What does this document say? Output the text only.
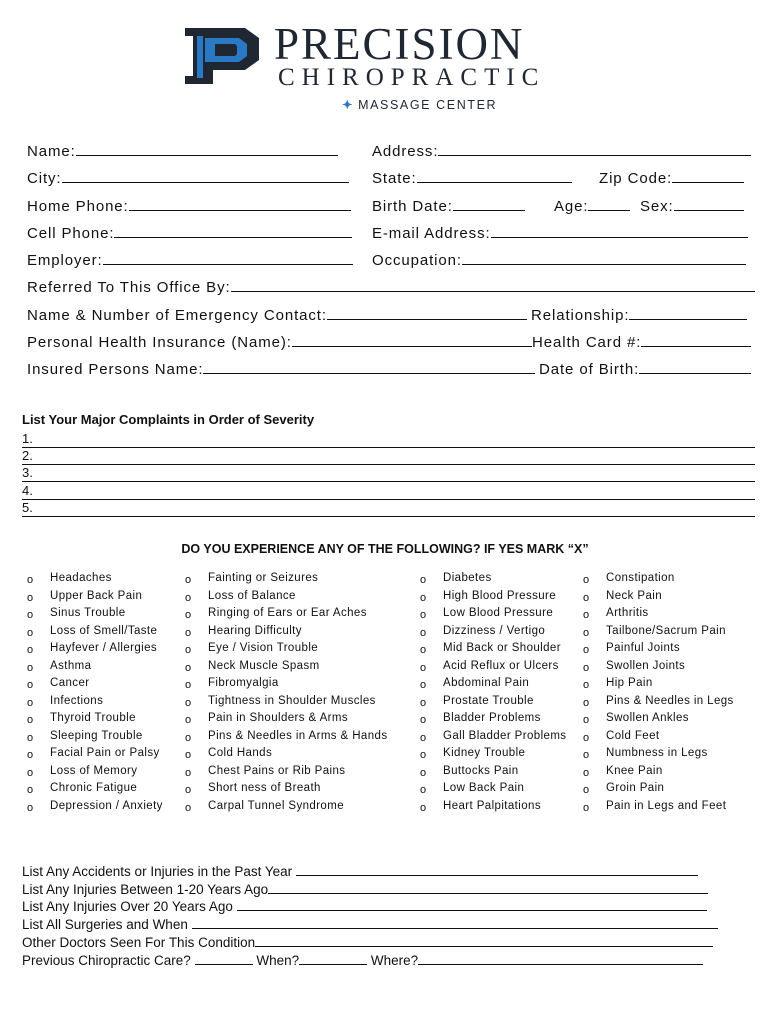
PRECISION
CHIROPRACTIC
✦ MASSAGE CENTER
Name:	Address:
City:	State:	Zip Code:
Home Phone:	Birth Date:	Age:	Sex:
Cell Phone:	E-mail Address:
Employer:	Occupation:
Referred To This Office By:
Name & Number of Emergency Contact:	Relationship:
Personal Health Insurance (Name):	Health Card #:
Insured Persons Name:	Date of Birth:
List Your Major Complaints in Order of Severity
1.
2.
3.
4.
5.
DO YOU EXPERIENCE ANY OF THE FOLLOWING? IF YES MARK “X”
o Headaches
o Upper Back Pain
o Sinus Trouble
o Loss of Smell/Taste
o Hayfever / Allergies
o Asthma
o Cancer
o Infections
o Thyroid Trouble
o Sleeping Trouble
o Facial Pain or Palsy
o Loss of Memory
o Chronic Fatigue
o Depression / Anxiety
o Fainting or Seizures
o Loss of Balance
o Ringing of Ears or Ear Aches
o Hearing Difficulty
o Eye / Vision Trouble
o Neck Muscle Spasm
o Fibromyalgia
o Tightness in Shoulder Muscles
o Pain in Shoulders & Arms
o Pins & Needles in Arms & Hands
o Cold Hands
o Chest Pains or Rib Pains
o Short ness of Breath
o Carpal Tunnel Syndrome
o Diabetes
o High Blood Pressure
o Low Blood Pressure
o Dizziness / Vertigo
o Mid Back or Shoulder
o Acid Reflux or Ulcers
o Abdominal Pain
o Prostate Trouble
o Bladder Problems
o Gall Bladder Problems
o Kidney Trouble
o Buttocks Pain
o Low Back Pain
o Heart Palpitations
o Constipation
o Neck Pain
o Arthritis
o Tailbone/Sacrum Pain
o Painful Joints
o Swollen Joints
o Hip Pain
o Pins & Needles in Legs
o Swollen Ankles
o Cold Feet
o Numbness in Legs
o Knee Pain
o Groin Pain
o Pain in Legs and Feet
List Any Accidents or Injuries in the Past Year
List Any Injuries Between 1-20 Years Ago
List Any Injuries Over 20 Years Ago
List All Surgeries and When
Other Doctors Seen For This Condition
Previous Chiropractic Care?	When?	Where?
